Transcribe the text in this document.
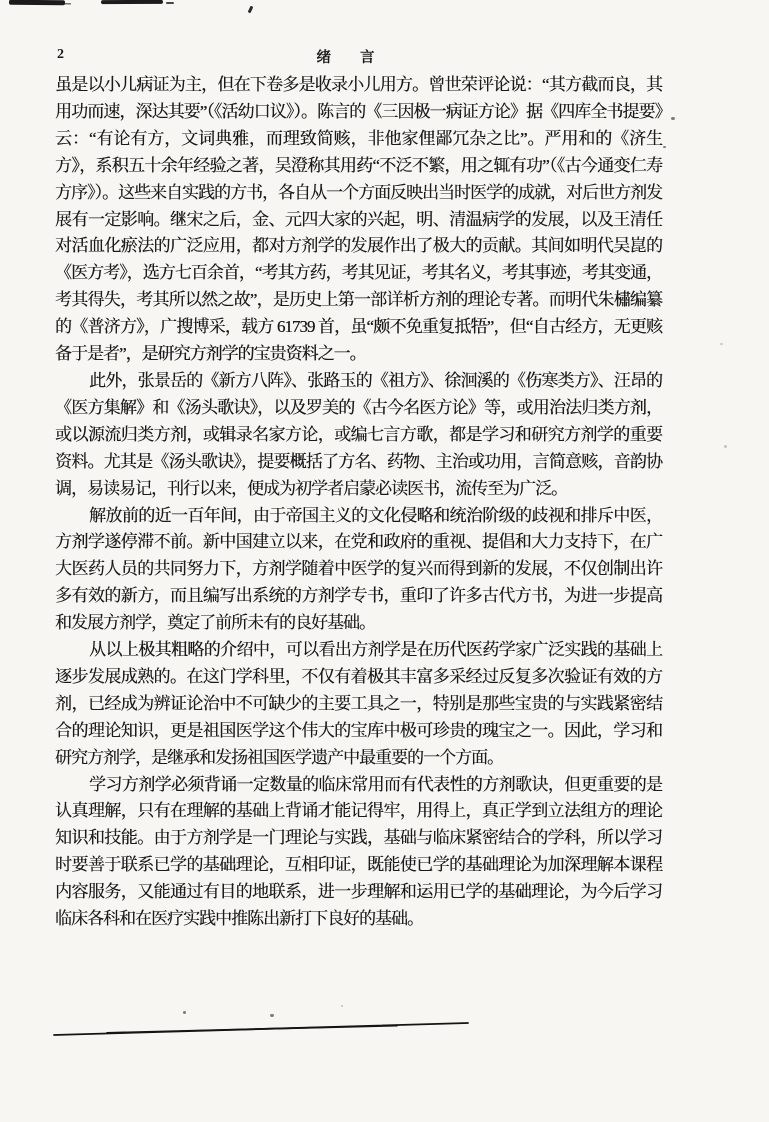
2	绪　　言

虽是以小儿病证为主，但在下卷多是收录小儿用方。曾世荣评论说：“其方截而良，其用功而速，深达其要”（《活幼口议》）。陈言的《三因极一病证方论》据《四库全书提要》云：“有论有方，文词典雅，而理致简赅，非他家俚鄙冗杂之比”。严用和的《济生方》，系积五十余年经验之著，吴澄称其用药“不泛不繁，用之辄有功”（《古今通变仁寿方序》）。这些来自实践的方书，各自从一个方面反映出当时医学的成就，对后世方剂发展有一定影响。继宋之后，金、元四大家的兴起，明、清温病学的发展，以及王清任对活血化瘀法的广泛应用，都对方剂学的发展作出了极大的贡献。其间如明代吴崑的《医方考》，选方七百余首，“考其方药，考其见证，考其名义，考其事迹，考其变通，考其得失，考其所以然之故”，是历史上第一部详析方剂的理论专著。而明代朱橚编纂的《普济方》，广搜博采，载方 61739 首，虽“颇不免重复抵牾”，但“自古经方，无更赅备于是者”，是研究方剂学的宝贵资料之一。

此外，张景岳的《新方八阵》、张路玉的《祖方》、徐洄溪的《伤寒类方》、汪昂的《医方集解》和《汤头歌诀》，以及罗美的《古今名医方论》等，或用治法归类方剂，或以源流归类方剂，或辑录名家方论，或编七言方歌，都是学习和研究方剂学的重要资料。尤其是《汤头歌诀》，提要概括了方名、药物、主治或功用，言简意赅，音韵协调，易读易记，刊行以来，便成为初学者启蒙必读医书，流传至为广泛。

解放前的近一百年间，由于帝国主义的文化侵略和统治阶级的歧视和排斥中医，方剂学遂停滞不前。新中国建立以来，在党和政府的重视、提倡和大力支持下，在广大医药人员的共同努力下，方剂学随着中医学的复兴而得到新的发展，不仅创制出许多有效的新方，而且编写出系统的方剂学专书，重印了许多古代方书，为进一步提高和发展方剂学，奠定了前所未有的良好基础。

从以上极其粗略的介绍中，可以看出方剂学是在历代医药学家广泛实践的基础上逐步发展成熟的。在这门学科里，不仅有着极其丰富多采经过反复多次验证有效的方剂，已经成为辨证论治中不可缺少的主要工具之一，特别是那些宝贵的与实践紧密结合的理论知识，更是祖国医学这个伟大的宝库中极可珍贵的瑰宝之一。因此，学习和研究方剂学，是继承和发扬祖国医学遗产中最重要的一个方面。

学习方剂学必须背诵一定数量的临床常用而有代表性的方剂歌诀，但更重要的是认真理解，只有在理解的基础上背诵才能记得牢，用得上，真正学到立法组方的理论知识和技能。由于方剂学是一门理论与实践，基础与临床紧密结合的学科，所以学习时要善于联系已学的基础理论，互相印证，既能使已学的基础理论为加深理解本课程内容服务，又能通过有目的地联系，进一步理解和运用已学的基础理论，为今后学习临床各科和在医疗实践中推陈出新打下良好的基础。
